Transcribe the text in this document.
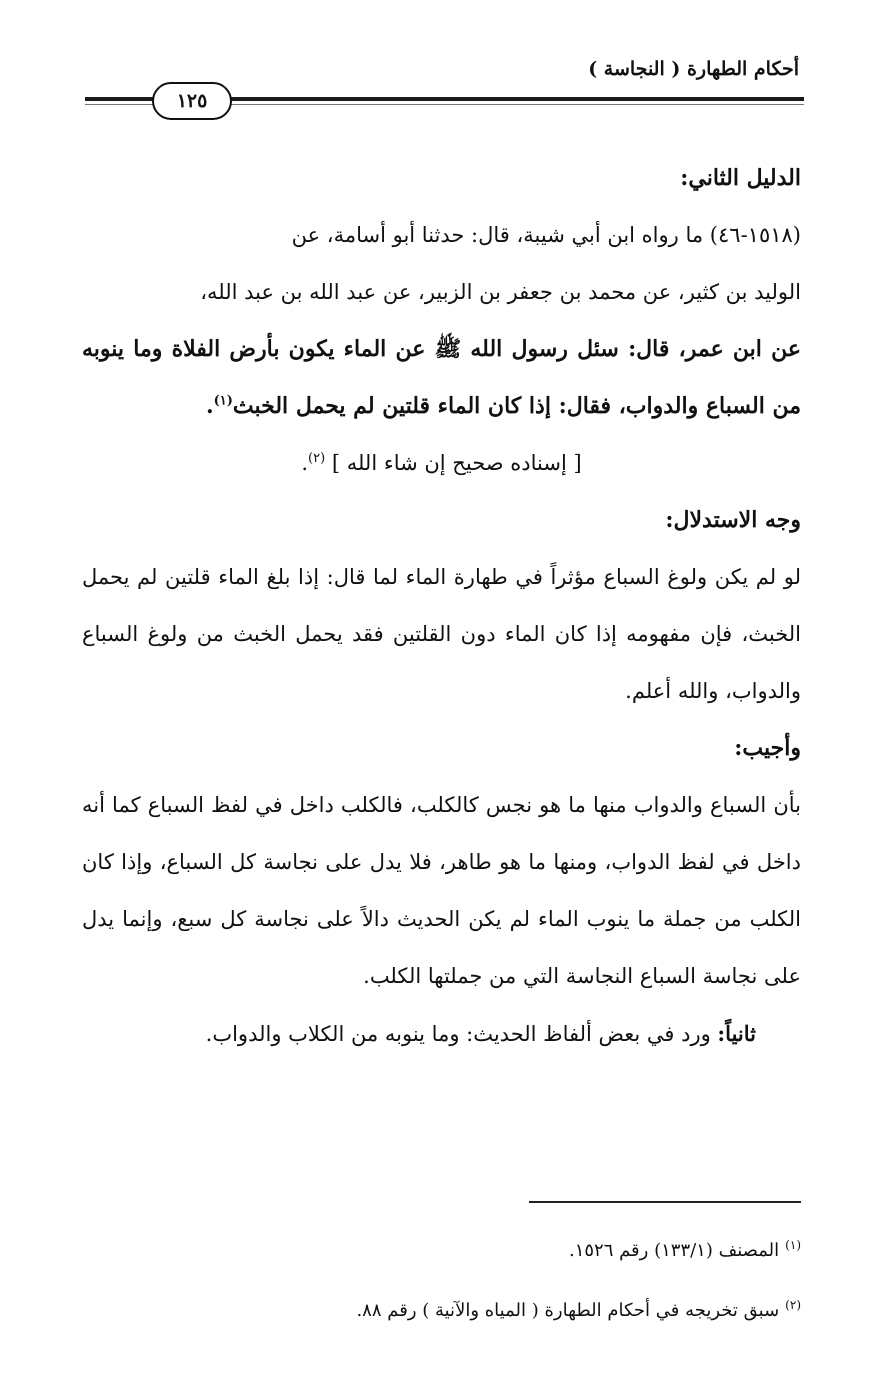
أحكام الطهارة ( النجاسة )
١٢٥

الدليل الثاني:

(١٥١٨-٤٦) ما رواه ابن أبي شيبة، قال: حدثنا أبو أسامة، عن

الوليد بن كثير، عن محمد بن جعفر بن الزبير، عن عبد الله بن عبد الله،

عن ابن عمر، قال: سئل رسول الله ﷺ عن الماء يكون بأرض الفلاة وما ينوبه من السباع والدواب، فقال: إذا كان الماء قلتين لم يحمل الخبث$^{(١)}$.

[ إسناده صحيح إن شاء الله ] $^{(٢)}$.

وجه الاستدلال:

لو لم يكن ولوغ السباع مؤثراً في طهارة الماء لما قال: إذا بلغ الماء قلتين لم يحمل الخبث، فإن مفهومه إذا كان الماء دون القلتين فقد يحمل الخبث من ولوغ السباع والدواب، والله أعلم.

وأجيب:

بأن السباع والدواب منها ما هو نجس كالكلب، فالكلب داخل في لفظ السباع كما أنه داخل في لفظ الدواب، ومنها ما هو طاهر، فلا يدل على نجاسة كل السباع، وإذا كان الكلب من جملة ما ينوب الماء لم يكن الحديث دالاً على نجاسة كل سبع، وإنما يدل على نجاسة السباع النجاسة التي من جملتها الكلب.

ثانياً: ورد في بعض ألفاظ الحديث: وما ينوبه من الكلاب والدواب.

$^{(١)}$المصنف (١٣٣/١) رقم ١٥٢٦.

$^{(٢)}$سبق تخريجه في أحكام الطهارة ( المياه والآنية ) رقم ٨٨.
